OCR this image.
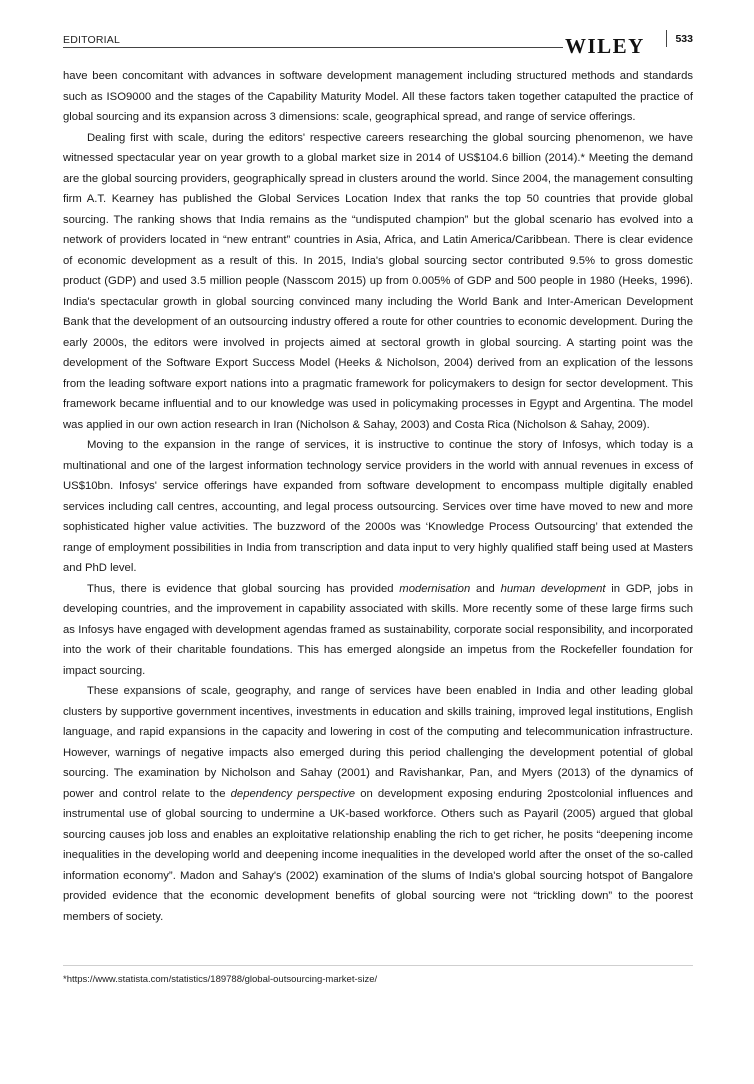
EDITORIAL	WILEY	533

have been concomitant with advances in software development management including structured methods and standards such as ISO9000 and the stages of the Capability Maturity Model. All these factors taken together catapulted the practice of global sourcing and its expansion across 3 dimensions: scale, geographical spread, and range of service offerings.

Dealing first with scale, during the editors' respective careers researching the global sourcing phenomenon, we have witnessed spectacular year on year growth to a global market size in 2014 of US$104.6 billion (2014).* Meeting the demand are the global sourcing providers, geographically spread in clusters around the world. Since 2004, the management consulting firm A.T. Kearney has published the Global Services Location Index that ranks the top 50 countries that provide global sourcing. The ranking shows that India remains as the “undisputed champion” but the global scenario has evolved into a network of providers located in “new entrant” countries in Asia, Africa, and Latin America/Caribbean. There is clear evidence of economic development as a result of this. In 2015, India's global sourcing sector contributed 9.5% to gross domestic product (GDP) and used 3.5 million people (Nasscom 2015) up from 0.005% of GDP and 500 people in 1980 (Heeks, 1996). India's spectacular growth in global sourcing convinced many including the World Bank and Inter-American Development Bank that the development of an outsourcing industry offered a route for other countries to economic development. During the early 2000s, the editors were involved in projects aimed at sectoral growth in global sourcing. A starting point was the development of the Software Export Success Model (Heeks & Nicholson, 2004) derived from an explication of the lessons from the leading software export nations into a pragmatic framework for policymakers to design for sector development. This framework became influential and to our knowledge was used in policymaking processes in Egypt and Argentina. The model was applied in our own action research in Iran (Nicholson & Sahay, 2003) and Costa Rica (Nicholson & Sahay, 2009).

Moving to the expansion in the range of services, it is instructive to continue the story of Infosys, which today is a multinational and one of the largest information technology service providers in the world with annual revenues in excess of US$10bn. Infosys' service offerings have expanded from software development to encompass multiple digitally enabled services including call centres, accounting, and legal process outsourcing. Services over time have moved to new and more sophisticated higher value activities. The buzzword of the 2000s was ‘Knowledge Process Outsourcing’ that extended the range of employment possibilities in India from transcription and data input to very highly qualified staff being used at Masters and PhD level.

Thus, there is evidence that global sourcing has provided modernisation and human development in GDP, jobs in developing countries, and the improvement in capability associated with skills. More recently some of these large firms such as Infosys have engaged with development agendas framed as sustainability, corporate social responsibility, and incorporated into the work of their charitable foundations. This has emerged alongside an impetus from the Rockefeller foundation for impact sourcing.

These expansions of scale, geography, and range of services have been enabled in India and other leading global clusters by supportive government incentives, investments in education and skills training, improved legal institutions, English language, and rapid expansions in the capacity and lowering in cost of the computing and telecommunication infrastructure. However, warnings of negative impacts also emerged during this period challenging the development potential of global sourcing. The examination by Nicholson and Sahay (2001) and Ravishankar, Pan, and Myers (2013) of the dynamics of power and control relate to the dependency perspective on development exposing enduring 2postcolonial influences and instrumental use of global sourcing to undermine a UK-based workforce. Others such as Payaril (2005) argued that global sourcing causes job loss and enables an exploitative relationship enabling the rich to get richer, he posits “deepening income inequalities in the developing world and deepening income inequalities in the developed world after the onset of the so-called information economy”. Madon and Sahay's (2002) examination of the slums of India's global sourcing hotspot of Bangalore provided evidence that the economic development benefits of global sourcing were not “trickling down” to the poorest members of society.

*https://www.statista.com/statistics/189788/global-outsourcing-market-size/
